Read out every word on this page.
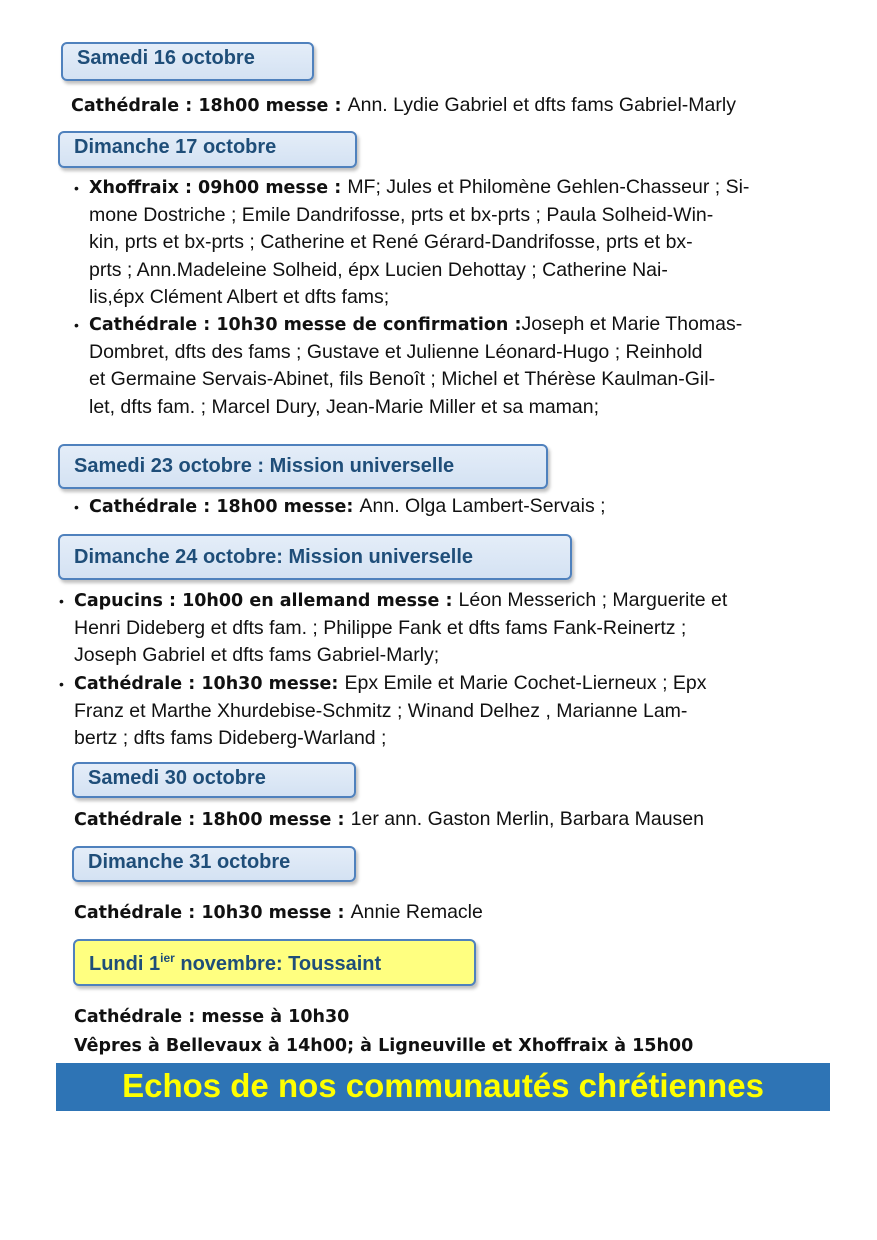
Samedi 16 octobre
Cathédrale : 18h00 messe : Ann. Lydie Gabriel et dfts fams Gabriel-Marly
Dimanche 17 octobre
• Xhoffraix : 09h00 messe : MF; Jules et Philomène Gehlen-Chasseur ; Si-
mone Dostriche ; Emile Dandrifosse, prts et bx-prts ; Paula Solheid-Win-
kin, prts et bx-prts ; Catherine et René Gérard-Dandrifosse, prts et bx-
prts ; Ann.Madeleine Solheid, épx Lucien Dehottay ; Catherine Nai-
lis,épx Clément Albert et dfts fams;
• Cathédrale : 10h30 messe de confirmation :Joseph et Marie Thomas-
Dombret, dfts des fams ; Gustave et Julienne Léonard-Hugo ; Reinhold
et Germaine Servais-Abinet, fils Benoît ; Michel et Thérèse Kaulman-Gil-
let, dfts fam. ; Marcel Dury, Jean-Marie Miller et sa maman;
Samedi 23 octobre : Mission universelle
• Cathédrale : 18h00 messe: Ann. Olga Lambert-Servais ;
Dimanche 24 octobre: Mission universelle
• Capucins : 10h00 en allemand messe : Léon Messerich ; Marguerite et
Henri Dideberg et dfts fam. ; Philippe Fank et dfts fams Fank-Reinertz ;
Joseph Gabriel et dfts fams Gabriel-Marly;
• Cathédrale : 10h30 messe: Epx Emile et Marie Cochet-Lierneux ; Epx
Franz et Marthe Xhurdebise-Schmitz ; Winand Delhez , Marianne Lam-
bertz ; dfts fams Dideberg-Warland ;
Samedi 30 octobre
Cathédrale : 18h00 messe : 1er ann. Gaston Merlin, Barbara Mausen
Dimanche 31 octobre
Cathédrale : 10h30 messe : Annie Remacle
Lundi $1^{ier}$ novembre: Toussaint
Cathédrale : messe à 10h30
Vêpres à Bellevaux à 14h00; à Ligneuville et Xhoffraix à 15h00
Echos de nos communautés chrétiennes
